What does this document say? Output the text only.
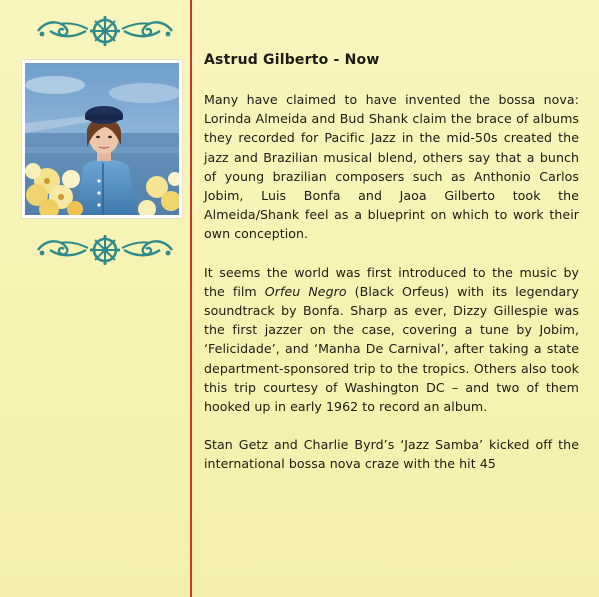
Astrud Gilberto - Now

Many have claimed to have invented the bossa nova: Lorinda Almeida and Bud Shank claim the brace of albums they recorded for Pacific Jazz in the mid-50s created the jazz and Brazilian musical blend, others say that a bunch of young brazilian composers such as Anthonio Carlos Jobim, Luis Bonfa and Jaoa Gilberto took the Almeida/Shank feel as a blueprint on which to work their own conception.

It seems the world was first introduced to the music by the film Orfeu Negro (Black Orfeus) with its legendary soundtrack by Bonfa. Sharp as ever, Dizzy Gillespie was the first jazzer on the case, covering a tune by Jobim, ‘Felicidade’, and ‘Manha De Carnival’, after taking a state department-sponsored trip to the tropics. Others also took this trip courtesy of Washington DC – and two of them hooked up in early 1962 to record an album.

Stan Getz and Charlie Byrd’s ‘Jazz Samba’ kicked off the international bossa nova craze with the hit 45
